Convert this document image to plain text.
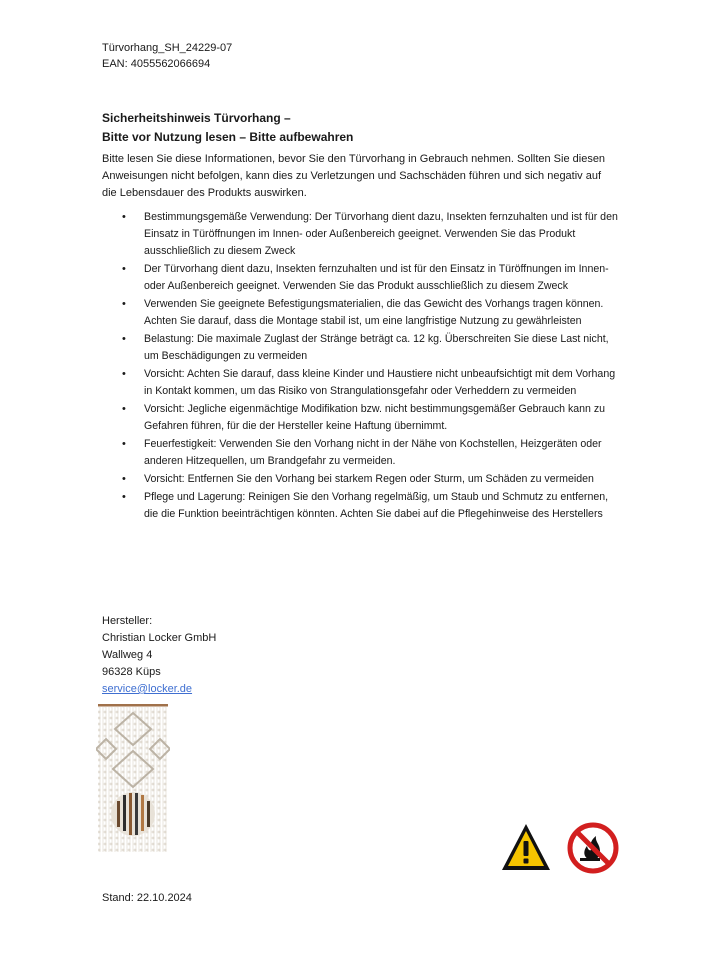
Türvorhang_SH_24229-07
EAN: 4055562066694
Sicherheitshinweis Türvorhang –
Bitte vor Nutzung lesen – Bitte aufbewahren
Bitte lesen Sie diese Informationen, bevor Sie den Türvorhang in Gebrauch nehmen. Sollten Sie diesen Anweisungen nicht befolgen, kann dies zu Verletzungen und Sachschäden führen und sich negativ auf die Lebensdauer des Produkts auswirken.
• Bestimmungsgemäße Verwendung: Der Türvorhang dient dazu, Insekten fernzuhalten und ist für den Einsatz in Türöffnungen im Innen- oder Außenbereich geeignet. Verwenden Sie das Produkt ausschließlich zu diesem Zweck
• Der Türvorhang dient dazu, Insekten fernzuhalten und ist für den Einsatz in Türöffnungen im Innen- oder Außenbereich geeignet. Verwenden Sie das Produkt ausschließlich zu diesem Zweck
• Verwenden Sie geeignete Befestigungsmaterialien, die das Gewicht des Vorhangs tragen können. Achten Sie darauf, dass die Montage stabil ist, um eine langfristige Nutzung zu gewährleisten
• Belastung: Die maximale Zuglast der Stränge beträgt ca. 12 kg. Überschreiten Sie diese Last nicht, um Beschädigungen zu vermeiden
• Vorsicht: Achten Sie darauf, dass kleine Kinder und Haustiere nicht unbeaufsichtigt mit dem Vorhang in Kontakt kommen, um das Risiko von Strangulationsgefahr oder Verheddern zu vermeiden
• Vorsicht: Jegliche eigenmächtige Modifikation bzw. nicht bestimmungsgemäßer Gebrauch kann zu Gefahren führen, für die der Hersteller keine Haftung übernimmt.
• Feuerfestigkeit: Verwenden Sie den Vorhang nicht in der Nähe von Kochstellen, Heizgeräten oder anderen Hitzequellen, um Brandgefahr zu vermeiden.
• Vorsicht: Entfernen Sie den Vorhang bei starkem Regen oder Sturm, um Schäden zu vermeiden
• Pflege und Lagerung: Reinigen Sie den Vorhang regelmäßig, um Staub und Schmutz zu entfernen, die die Funktion beeinträchtigen könnten. Achten Sie dabei auf die Pflegehinweise des Herstellers
Hersteller:
Christian Locker GmbH
Wallweg 4
96328 Küps
service@locker.de
Stand: 22.10.2024
